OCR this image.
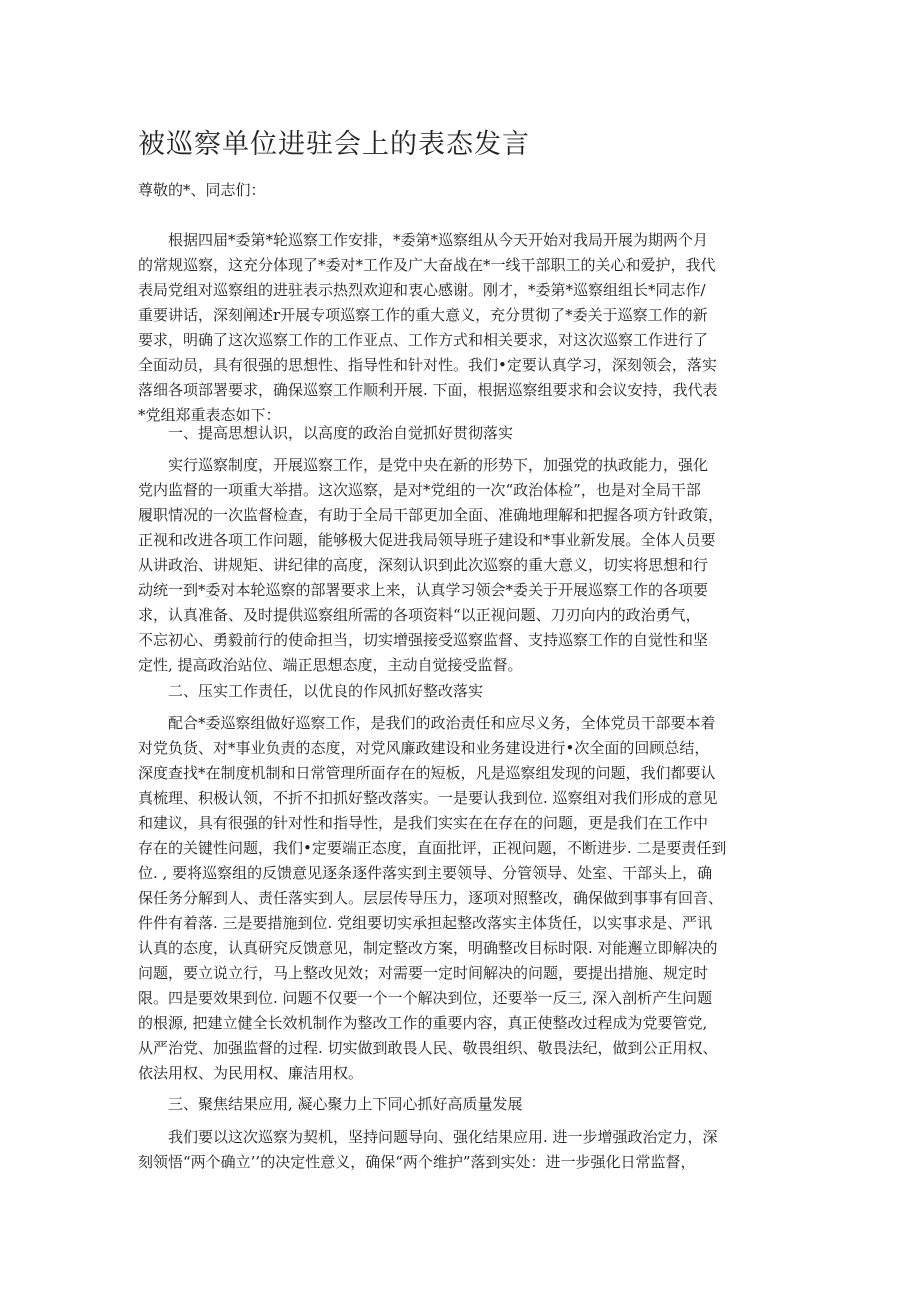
被巡察单位进驻会上的表态发言
尊敬的*、同志们：
　　根据四届*委第*轮巡察工作安排，*委第*巡察组从今天开始对我局开展为期两个月
的常规巡察，这充分体现了*委对*工作及广大奋战在*一线干部职工的关心和爱护，我代
表局党组对巡察组的进驻表示热烈欢迎和衷心感谢。刚才，*委第*巡察组组长*同志作/
重要讲话，深刻阐述r开展专项巡察工作的重大意义，充分贯彻了*委关于巡察工作的新
要求，明确了这次巡察工作的工作亚点、工作方式和相关要求，对这次巡察工作进行了
全面动员，具有很强的思想性、指导性和针对性。我们•定要认真学习，深刻领会，落实
落细各项部署要求，确保巡察工作顺利开展. 下面，根据巡察组要求和会议安持，我代表
*党组郑重表态如下：
一、提高思想认识，以高度的政治自觉抓好贯彻落实
　　实行巡察制度，开展巡察工作，是党中央在新的形势下，加强党的执政能力，强化
党内监督的一项重大举措。这次巡察，是对*党组的一次“政治体检”，也是对全局干部
履职情况的一次监督检查，有助于全局干部更加全面、准确地理解和把握各项方针政策，
正视和改进各项工作问题，能够极大促进我局领导班子建设和*事业新发展。全体人员要
从讲政治、讲规矩、讲纪律的高度，深刻认识到此次巡察的重大意义，切实将思想和行
动统一到*委对本轮巡察的部署要求上来，认真学习领会*委关于开展巡察工作的各项要
求，认真准备、及时提供巡察组所需的各项资料“以正视问题、刀刃向内的政治勇气，
不忘初心、勇毅前行的使命担当，切实增强接受巡察监督、支持巡察工作的自觉性和坚
定性, 提高政治站位、端正思想态度，主动自觉接受监督。
二、压实工作责任，以优良的作风抓好整改落实
　　配合*委巡察组做好巡察工作，是我们的政治责任和应尽义务，全体党员干部要本着
对党负货、对*事业负责的态度，对党风廉政建设和业务建设进行•次全面的回顾总结，
深度查找*在制度机制和日常管理所面存在的短板，凡是巡察组发现的问题，我们都要认
真梳理、积极认领，不折不扣抓好整改落实。一是要认我到位. 巡察组对我们形成的意见
和建议，具有很强的针对性和指导性，是我们实实在在存在的问题，更是我们在工作中
存在的关键性问题，我们•定要端正态度，直面批评，正视问题，不断进步. 二是要责任到
位. , 要将巡察组的反馈意见逐条逐件落实到主要领导、分管领导、处室、干部头上，确
保任务分解到人、责任落实到人。层层传导压力，逐项对照整改，确保做到事事有回音、
件件有着落. 三是要措施到位. 党组要切实承担起整改落实主体货任，以实事求是、严讯
认真的态度，认真研究反馈意见，制定整改方案，明确整改目标时限. 对能邂立即解决的
问题，要立说立行，马上整改见效；对需要一定时间解决的问题，要提出措施、规定时
限。四是要效果到位. 问题不仅要一个一个解决到位，还要举一反三, 深入剖析产生问题
的根源, 把建立健全长效机制作为整改工作的重要内容，真正使整改过程成为党要管党,
从严治党、加强监督的过程. 切实做到敢畏人民、敬畏组织、敬畏法纪，做到公正用权、
依法用权、为民用权、廉洁用权。
三、聚焦结果应用, 凝心聚力上下同心抓好高质量发展
　　我们要以这次巡察为契机，坚持问题导向、强化结果应用. 进一步增强政治定力，深
刻领悟“两个确立’’的决定性意义，确保“两个维护”落到实处：进一步强化日常监督，
